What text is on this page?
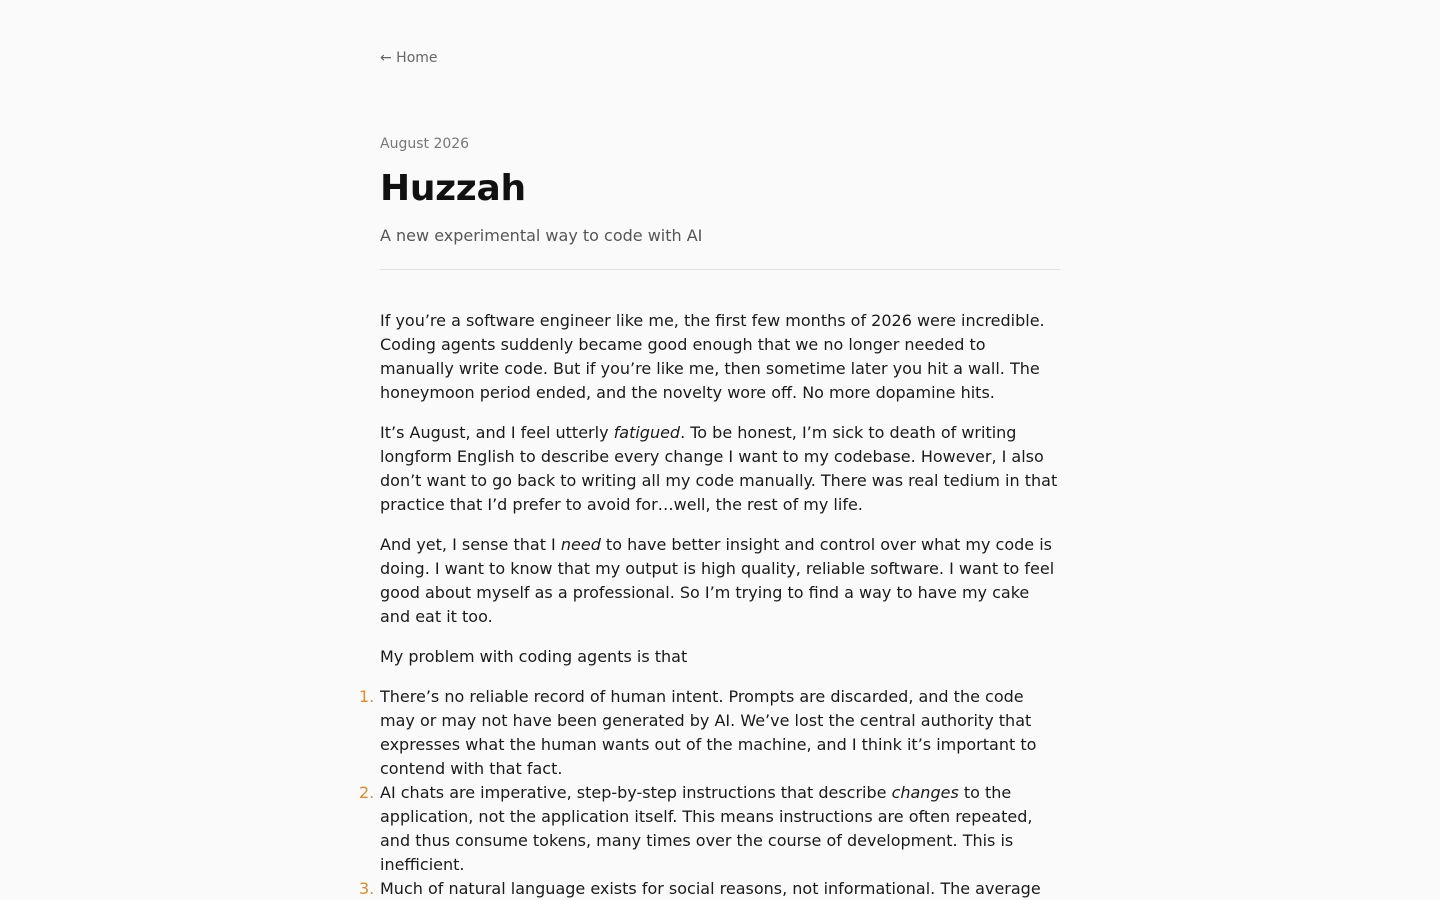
← Home

August 2026

Huzzah

A new experimental way to code with AI

If you’re a software engineer like me, the first few months of 2026 were incredible. Coding agents suddenly became good enough that we no longer needed to manually write code. But if you’re like me, then sometime later you hit a wall. The honeymoon period ended, and the novelty wore off. No more dopamine hits.

It’s August, and I feel utterly fatigued. To be honest, I’m sick to death of writing longform English to describe every change I want to my codebase. However, I also don’t want to go back to writing all my code manually. There was real tedium in that practice that I’d prefer to avoid for…well, the rest of my life.

And yet, I sense that I need to have better insight and control over what my code is doing. I want to know that my output is high quality, reliable software. I want to feel good about myself as a professional. So I’m trying to find a way to have my cake and eat it too.

My problem with coding agents is that

1. There’s no reliable record of human intent. Prompts are discarded, and the code may or may not have been generated by AI. We’ve lost the central authority that expresses what the human wants out of the machine, and I think it’s important to contend with that fact.
2. AI chats are imperative, step-by-step instructions that describe changes to the application, not the application itself. This means instructions are often repeated, and thus consume tokens, many times over the course of development. This is inefficient.
3. Much of natural language exists for social reasons, not informational. The average
